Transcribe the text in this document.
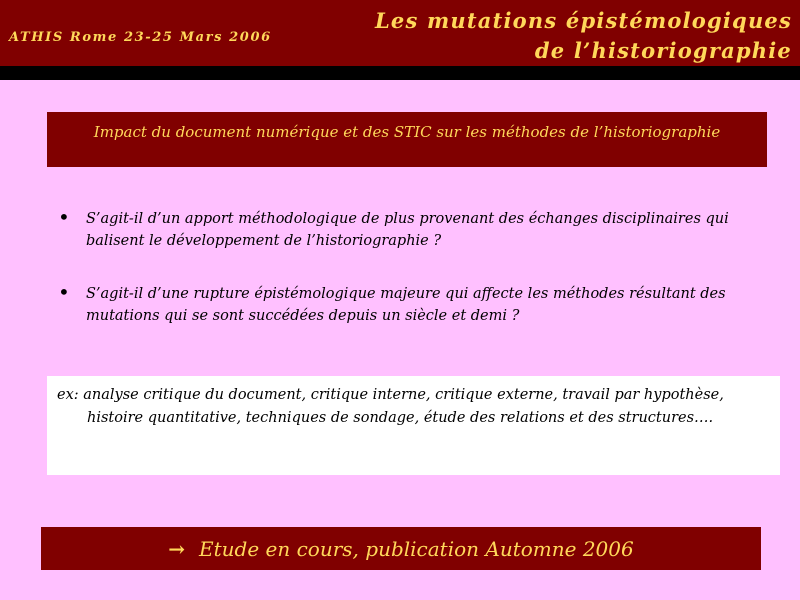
ATHIS Rome 23-25 Mars 2006
Les mutations épistémologiques de l’historiographie
Impact du document numérique et des STIC sur les méthodes de l’historiographie
• S’agit-il d’un apport méthodologique de plus provenant des échanges disciplinaires qui balisent le développement de l’historiographie ?
• S’agit-il d’une rupture épistémologique majeure qui affecte les méthodes résultant des mutations qui se sont succédées depuis un siècle et demi ?
ex: analyse critique du document, critique interne, critique externe, travail par hypothèse, histoire quantitative, techniques de sondage, étude des relations et des structures….
→ Etude en cours, publication Automne 2006
